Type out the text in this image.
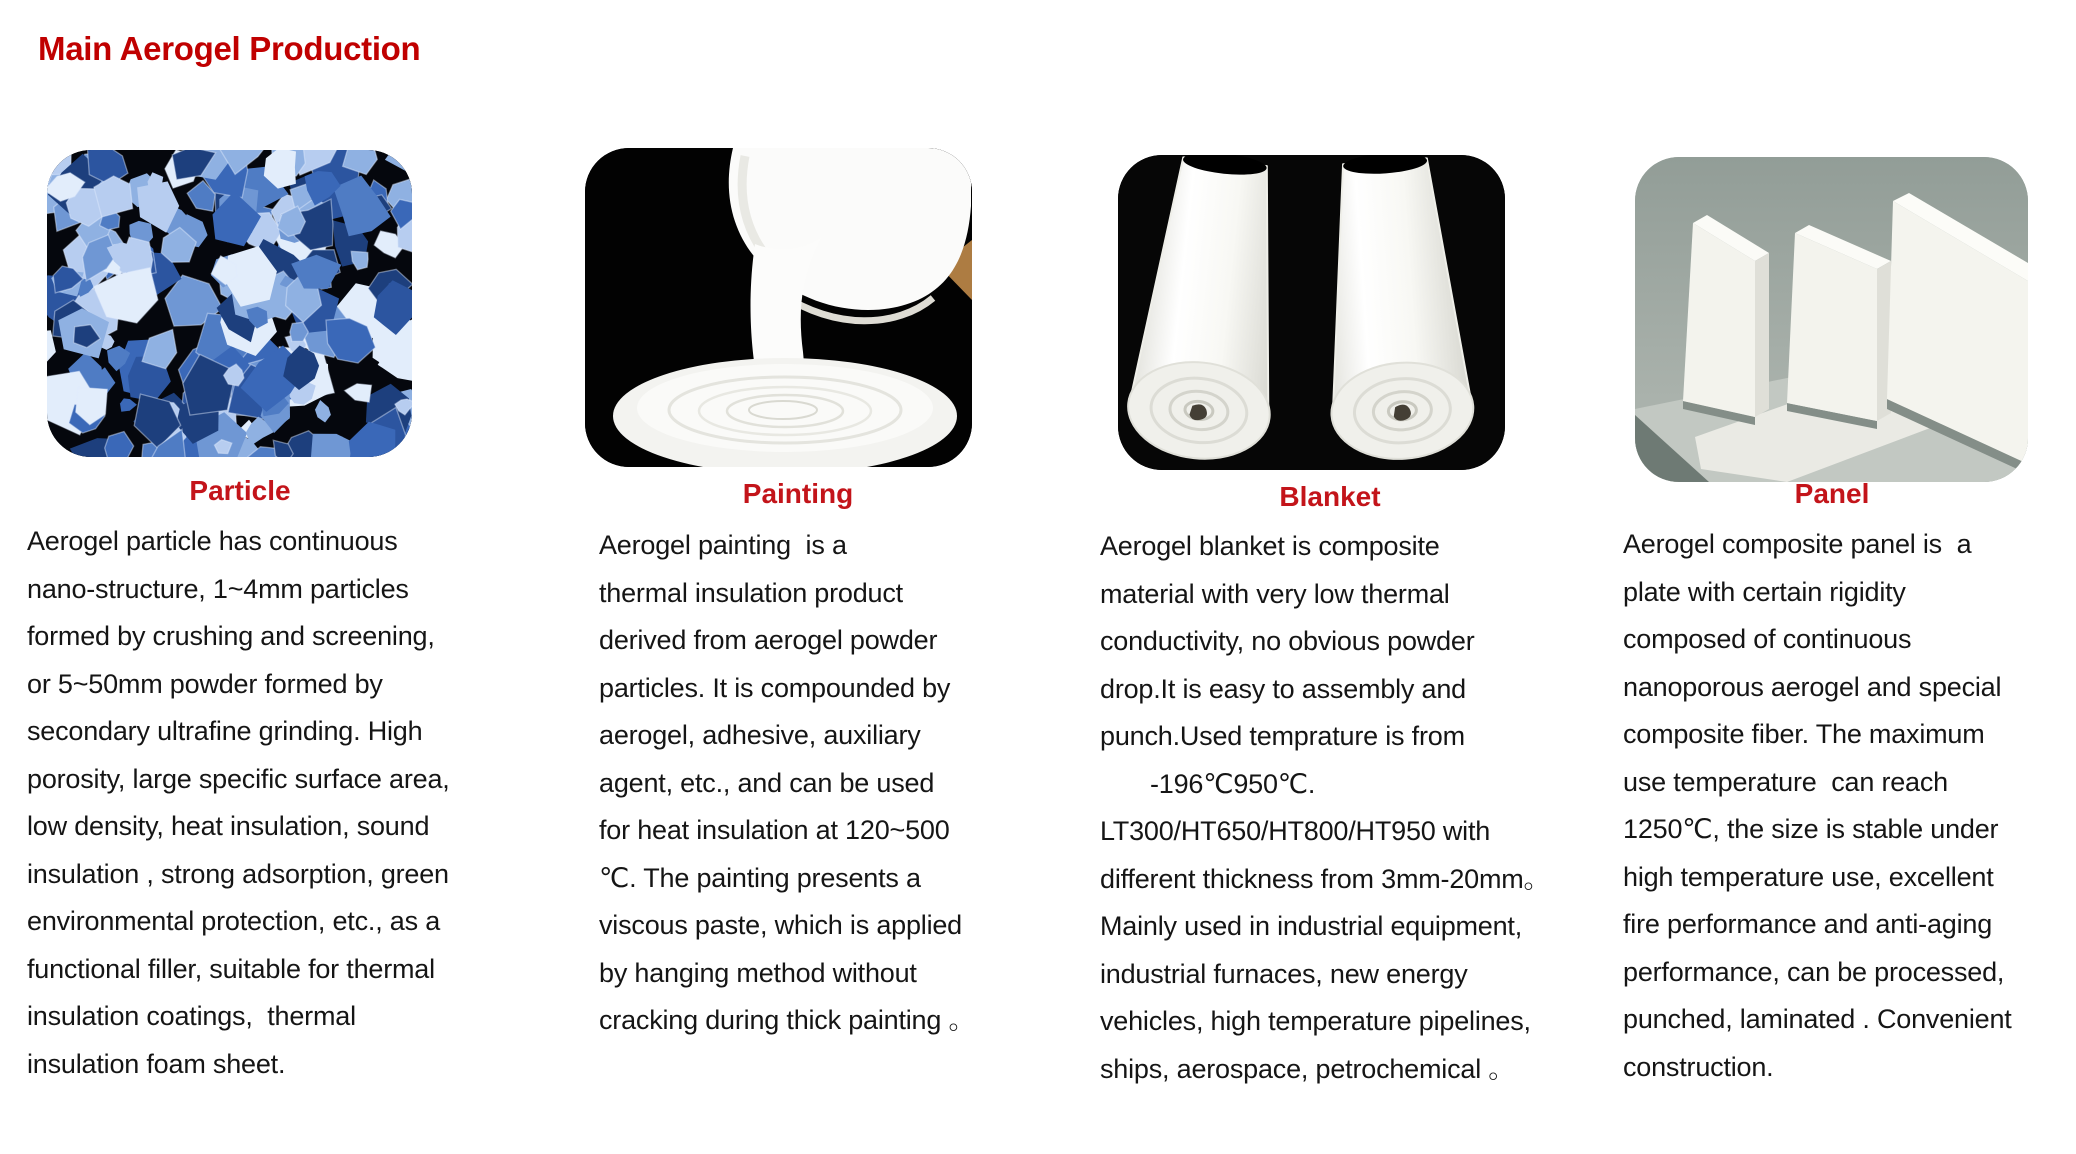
Main Aerogel Production
Particle
Aerogel particle has continuous
nano-structure, 1~4mm particles
formed by crushing and screening,
or 5~50mm powder formed by
secondary ultrafine grinding. High
porosity, large specific surface area,
low density, heat insulation, sound
insulation , strong adsorption, green
environmental protection, etc., as a
functional filler, suitable for thermal
insulation coatings,  thermal
insulation foam sheet.
Painting
Aerogel painting  is a
thermal insulation product
derived from aerogel powder
particles. It is compounded by
aerogel, adhesive, auxiliary
agent, etc., and can be used
for heat insulation at 120~500
℃. The painting presents a
viscous paste, which is applied
by hanging method without
cracking during thick painting 。
Blanket
Aerogel blanket is composite
material with very low thermal
conductivity, no obvious powder
drop.It is easy to assembly and
punch.Used temprature is from
-196℃950℃.
LT300/HT650/HT800/HT950 with
different thickness from 3mm-20mm。
Mainly used in industrial equipment,
industrial furnaces, new energy
vehicles, high temperature pipelines,
ships, aerospace, petrochemical 。
Panel
Aerogel composite panel is  a
plate with certain rigidity
composed of continuous
nanoporous aerogel and special
composite fiber. The maximum
use temperature  can reach
1250℃, the size is stable under
high temperature use, excellent
fire performance and anti-aging
performance, can be processed,
punched, laminated . Convenient
construction.
